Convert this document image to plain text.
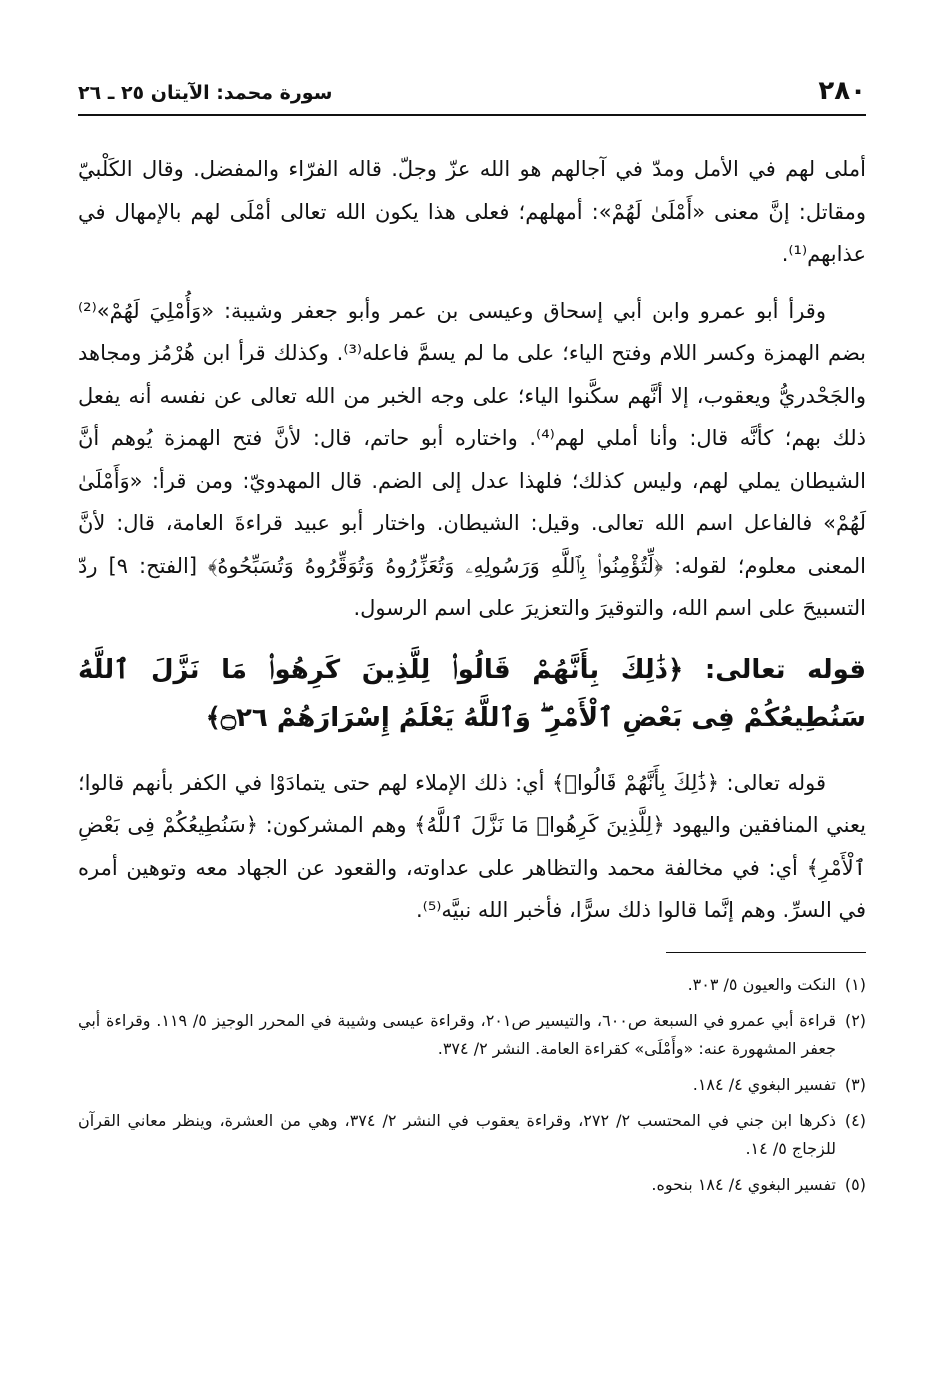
٢٨٠
سورة محمد: الآيتان ٢٥ ـ ٢٦

أملى لهم في الأمل ومدّ في آجالهم هو الله عزّ وجلّ. قاله الفرّاء والمفضل. وقال الكَلْبيّ ومقاتل: إنَّ معنى «أَمْلَىٰ لَهُمْ»: أمهلهم؛ فعلى هذا يكون الله تعالى أمْلَى لهم بالإمهال في عذابهم⁽¹⁾.

وقرأ أبو عمرو وابن أبي إسحاق وعيسى بن عمر وأبو جعفر وشيبة: «وَأُمْلِيَ لَهُمْ»⁽²⁾ بضم الهمزة وكسر اللام وفتح الياء؛ على ما لم يسمَّ فاعله⁽³⁾. وكذلك قرأ ابن هُرْمُز ومجاهد والجَحْدريُّ ويعقوب، إلا أنَّهم سكَّنوا الياء؛ على وجه الخبر من الله تعالى عن نفسه أنه يفعل ذلك بهم؛ كأنَّه قال: وأنا أملي لهم⁽⁴⁾. واختاره أبو حاتم، قال: لأنَّ فتح الهمزة يُوهم أنَّ الشيطان يملي لهم، وليس كذلك؛ فلهذا عدل إلى الضم. قال المهدويّ: ومن قرأ: «وَأَمْلَىٰ لَهُمْ» فالفاعل اسم الله تعالى. وقيل: الشيطان. واختار أبو عبيد قراءةَ العامة، قال: لأنَّ المعنى معلوم؛ لقوله: ﴿لِّتُؤْمِنُوا۟ بِٱللَّهِ وَرَسُولِهِۦ وَتُعَزِّرُوهُ وَتُوَقِّرُوهُ وَتُسَبِّحُوهُ﴾ [الفتح: ٩] ردّ التسبيحَ على اسم الله، والتوقيرَ والتعزيرَ على اسم الرسول.

قوله تعالى: ﴿ذَٰلِكَ بِأَنَّهُمْ قَالُوا۟ لِلَّذِينَ كَرِهُوا۟ مَا نَزَّلَ ٱللَّهُ سَنُطِيعُكُمْ فِى بَعْضِ ٱلْأَمْرِ ۖ وَٱللَّهُ يَعْلَمُ إِسْرَارَهُمْ ۝٢٦﴾

قوله تعالى: ﴿ذَٰلِكَ بِأَنَّهُمْ قَالُوا۟﴾ أي: ذلك الإملاء لهم حتى يتمادَوْا في الكفر بأنهم قالوا؛ يعني المنافقين واليهود ﴿لِلَّذِينَ كَرِهُوا۟ مَا نَزَّلَ ٱللَّهُ﴾ وهم المشركون: ﴿سَنُطِيعُكُمْ فِى بَعْضِ ٱلْأَمْرِ﴾ أي: في مخالفة محمد والتظاهر على عداوته، والقعود عن الجهاد معه وتوهين أمره في السرِّ. وهم إنَّما قالوا ذلك سرًّا، فأخبر الله نبيَّه⁽⁵⁾.

(١)النكت والعيون ٥/ ٣٠٣.
(٢)قراءة أبي عمرو في السبعة ص٦٠٠، والتيسير ص٢٠١، وقراءة عيسى وشيبة في المحرر الوجيز ٥/ ١١٩. وقراءة أبي جعفر المشهورة عنه: «وأَمْلَى» كقراءة العامة. النشر ٢/ ٣٧٤.
(٣)تفسير البغوي ٤/ ١٨٤.
(٤)ذكرها ابن جني في المحتسب ٢/ ٢٧٢، وقراءة يعقوب في النشر ٢/ ٣٧٤، وهي من العشرة، وينظر معاني القرآن للزجاج ٥/ ١٤.
(٥)تفسير البغوي ٤/ ١٨٤ بنحوه.
